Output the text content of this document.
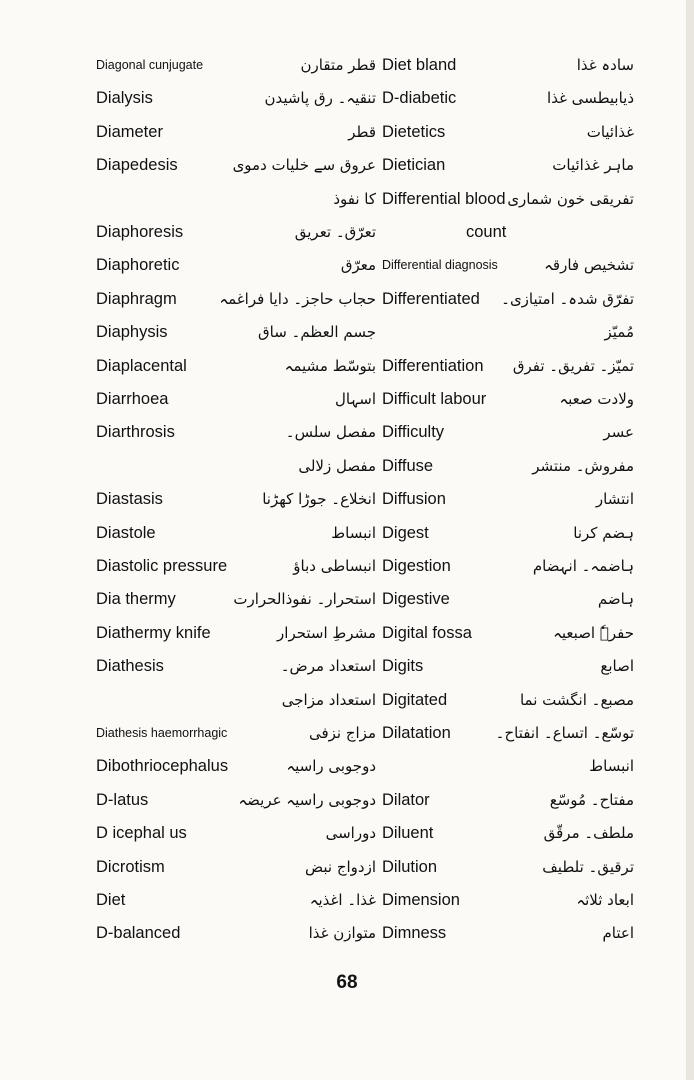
Diagonal cunjugate	قطر متقارن
Dialysis	تنقیہ۔ رق پاشیدن
Diameter	قطر
Diapedesis	عروق سے خلیات دموی
کا نفوذ
Diaphoresis	تعرّق۔ تعریق
Diaphoretic	معرّق
Diaphragm	حجاب حاجز۔ دایا فراغمہ
Diaphysis	جسم العظم۔ ساق
Diaplacental	بتوسّط مشیمہ
Diarrhoea	اسہال
Diarthrosis	مفصل سلس۔
مفصل زلالی
Diastasis	انخلاع۔ جوڑا کھڑنا
Diastole	انبساط
Diastolic pressure	انبساطی دباؤ
Dia thermy	استحرار۔ نفوذالحرارت
Diathermy knife	مشرطِ استحرار
Diathesis	استعداد مرض۔
استعداد مزاجی
Diathesis haemorrhagic	مزاج نزفی
Dibothriocephalus	دوجوبی راسیہ
D-latus	دوجوبی راسیہ عریضہ
D icephal us	دوراسی
Dicrotism	ازدواج نبض
Diet	غذا۔ اغذیہ
D-balanced	متوازن غذا
Diet bland	سادہ غذا
D-diabetic	ذیابیطسی غذا
Dietetics	غذائیات
Dietician	ماہر غذائیات
Differential blood تفریقی خون شماری
count
Differential diagnosis	تشخیص فارقہ
Differentiated تفرّق شدہ۔ امتیازی۔
مُمیّز
Differentiation تمیّز۔ تفریق۔ تفرق
Difficult labour	ولادت صعبہ
Difficulty	عسر
Diffuse	مفروش۔ منتشر
Diffusion	انتشار
Digest	ہضم کرنا
Digestion	ہاضمہ۔ انہضام
Digestive	ہاضم
Digital fossa	حفرہٗ اصبعیہ
Digits	اصابع
Digitated	مصبع۔ انگشت نما
Dilatation	توسّع۔ اتساع۔ انفتاح۔
انبساط
Dilator	مفتاح۔ مُوسّع
Diluent	ملطف۔ مرقّق
Dilution	ترقیق۔ تلطیف
Dimension	ابعاد ثلاثہ
Dimness	اعتام
68
